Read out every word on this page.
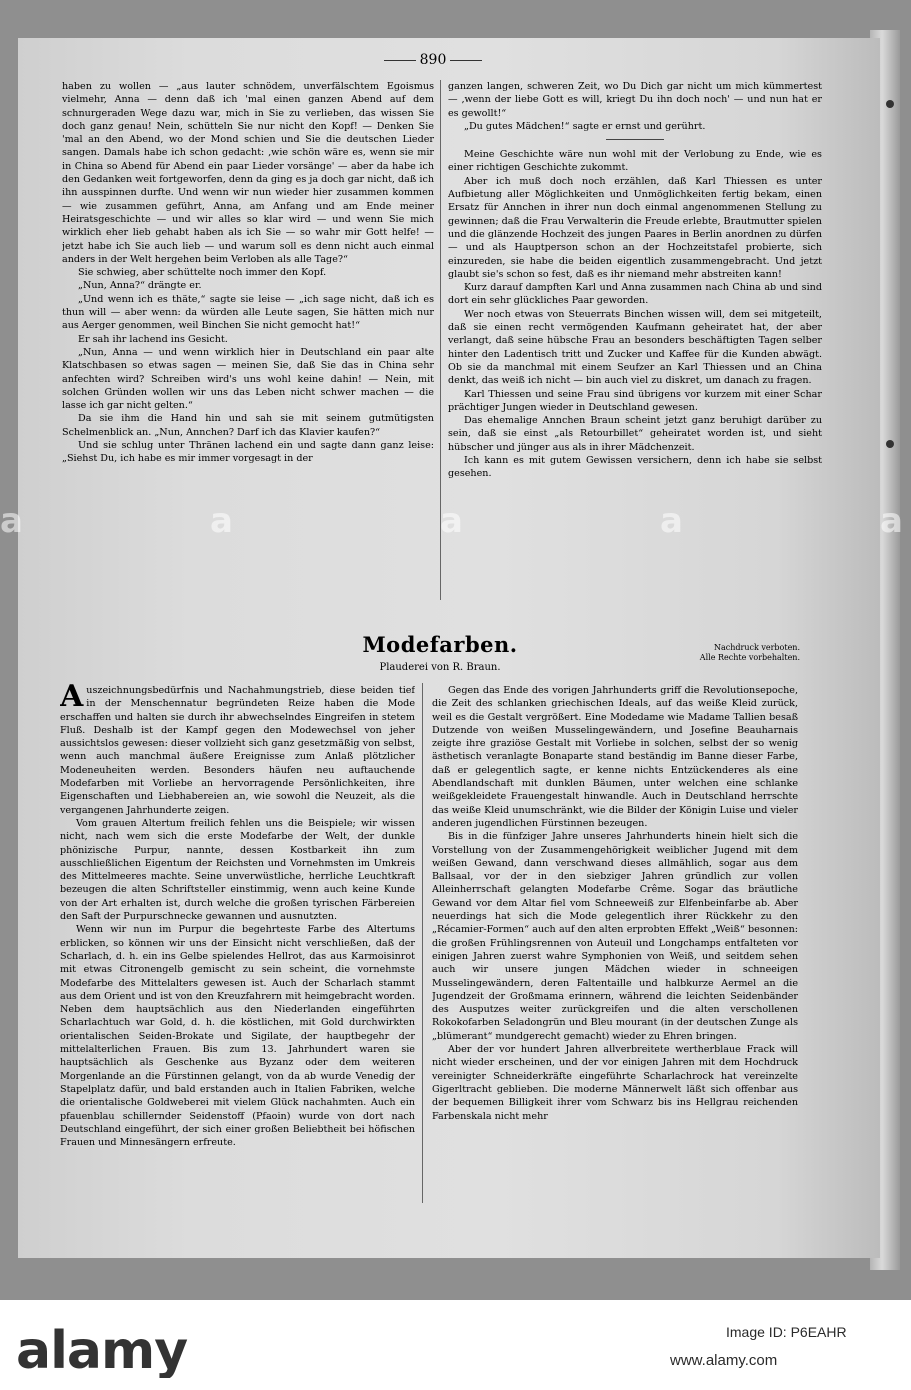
890

haben zu wollen — „aus lauter schnödem, unverfälschtem Egoismus vielmehr, Anna — denn daß ich 'mal einen ganzen Abend auf dem schnurgeraden Wege dazu war, mich in Sie zu verlieben, das wissen Sie doch ganz genau! Nein, schütteln Sie nur nicht den Kopf! — Denken Sie 'mal an den Abend, wo der Mond schien und Sie die deutschen Lieder sangen. Damals habe ich schon gedacht: ‚wie schön wäre es, wenn sie mir in China so Abend für Abend ein paar Lieder vorsänge' — aber da habe ich den Gedanken weit fortgeworfen, denn da ging es ja doch gar nicht, daß ich ihn ausspinnen durfte. Und wenn wir nun wieder hier zusammen kommen — wie zusammen geführt, Anna, am Anfang und am Ende meiner Heiratsgeschichte — und wir alles so klar wird — und wenn Sie mich wirklich eher lieb gehabt haben als ich Sie — so wahr mir Gott helfe! — jetzt habe ich Sie auch lieb — und warum soll es denn nicht auch einmal anders in der Welt hergehen beim Verloben als alle Tage?“

Sie schwieg, aber schüttelte noch immer den Kopf.

„Nun, Anna?“ drängte er.

„Und wenn ich es thäte,“ sagte sie leise — „ich sage nicht, daß ich es thun will — aber wenn: da würden alle Leute sagen, Sie hätten mich nur aus Aerger genommen, weil Binchen Sie nicht gemocht hat!“

Er sah ihr lachend ins Gesicht.

„Nun, Anna — und wenn wirklich hier in Deutschland ein paar alte Klatschbasen so etwas sagen — meinen Sie, daß Sie das in China sehr anfechten wird? Schreiben wird's uns wohl keine dahin! — Nein, mit solchen Gründen wollen wir uns das Leben nicht schwer machen — die lasse ich gar nicht gelten.“

Da sie ihm die Hand hin und sah sie mit seinem gutmütigsten Schelmenblick an. „Nun, Annchen? Darf ich das Klavier kaufen?“

Und sie schlug unter Thränen lachend ein und sagte dann ganz leise: „Siehst Du, ich habe es mir immer vorgesagt in der

ganzen langen, schweren Zeit, wo Du Dich gar nicht um mich kümmertest — ‚wenn der liebe Gott es will, kriegt Du ihn doch noch' — und nun hat er es gewollt!“

„Du gutes Mädchen!“ sagte er ernst und gerührt.

Meine Geschichte wäre nun wohl mit der Verlobung zu Ende, wie es einer richtigen Geschichte zukommt.

Aber ich muß doch noch erzählen, daß Karl Thiessen es unter Aufbietung aller Möglichkeiten und Unmöglichkeiten fertig bekam, einen Ersatz für Annchen in ihrer nun doch einmal angenommenen Stellung zu gewinnen; daß die Frau Verwalterin die Freude erlebte, Brautmutter spielen und die glänzende Hochzeit des jungen Paares in Berlin anordnen zu dürfen — und als Hauptperson schon an der Hochzeitstafel probierte, sich einzureden, sie habe die beiden eigentlich zusammengebracht. Und jetzt glaubt sie's schon so fest, daß es ihr niemand mehr abstreiten kann!

Kurz darauf dampften Karl und Anna zusammen nach China ab und sind dort ein sehr glückliches Paar geworden.

Wer noch etwas von Steuerrats Binchen wissen will, dem sei mitgeteilt, daß sie einen recht vermögenden Kaufmann geheiratet hat, der aber verlangt, daß seine hübsche Frau an besonders beschäftigten Tagen selber hinter den Ladentisch tritt und Zucker und Kaffee für die Kunden abwägt. Ob sie da manchmal mit einem Seufzer an Karl Thiessen und an China denkt, das weiß ich nicht — bin auch viel zu diskret, um danach zu fragen.

Karl Thiessen und seine Frau sind übrigens vor kurzem mit einer Schar prächtiger Jungen wieder in Deutschland gewesen.

Das ehemalige Annchen Braun scheint jetzt ganz beruhigt darüber zu sein, daß sie einst „als Retourbillet“ geheiratet worden ist, und sieht hübscher und jünger aus als in ihrer Mädchenzeit.

Ich kann es mit gutem Gewissen versichern, denn ich habe sie selbst gesehen.

Modefarben.
Plauderei von R. Braun.
Nachdruck verboten.
Alle Rechte vorbehalten.

Auszeichnungsbedürfnis und Nachahmungstrieb, diese beiden tief in der Menschennatur begründeten Reize haben die Mode erschaffen und halten sie durch ihr abwechselndes Eingreifen in stetem Fluß. Deshalb ist der Kampf gegen den Modewechsel von jeher aussichtslos gewesen: dieser vollzieht sich ganz gesetzmäßig von selbst, wenn auch manchmal äußere Ereignisse zum Anlaß plötzlicher Modeneuheiten werden. Besonders häufen neu auftauchende Modefarben mit Vorliebe an hervorragende Persönlichkeiten, ihre Eigenschaften und Liebhabereien an, wie sowohl die Neuzeit, als die vergangenen Jahrhunderte zeigen.

Vom grauen Altertum freilich fehlen uns die Beispiele; wir wissen nicht, nach wem sich die erste Modefarbe der Welt, der dunkle phönizische Purpur, nannte, dessen Kostbarkeit ihn zum ausschließlichen Eigentum der Reichsten und Vornehmsten im Umkreis des Mittelmeeres machte. Seine unverwüstliche, herrliche Leuchtkraft bezeugen die alten Schriftsteller einstimmig, wenn auch keine Kunde von der Art erhalten ist, durch welche die großen tyrischen Färbereien den Saft der Purpurschnecke gewannen und ausnutzten.

Wenn wir nun im Purpur die begehrteste Farbe des Altertums erblicken, so können wir uns der Einsicht nicht verschließen, daß der Scharlach, d. h. ein ins Gelbe spielendes Hellrot, das aus Karmoisinrot mit etwas Citronengelb gemischt zu sein scheint, die vornehmste Modefarbe des Mittelalters gewesen ist. Auch der Scharlach stammt aus dem Orient und ist von den Kreuzfahrern mit heimgebracht worden. Neben dem hauptsächlich aus den Niederlanden eingeführten Scharlachtuch war Gold, d. h. die köstlichen, mit Gold durchwirkten orientalischen Seiden-Brokate und Sigilate, der hauptbegehr der mittelalterlichen Frauen. Bis zum 13. Jahrhundert waren sie hauptsächlich als Geschenke aus Byzanz oder dem weiteren Morgenlande an die Fürstinnen gelangt, von da ab wurde Venedig der Stapelplatz dafür, und bald erstanden auch in Italien Fabriken, welche die orientalische Goldweberei mit vielem Glück nachahmten. Auch ein pfauenblau schillernder Seidenstoff (Pfaoin) wurde von dort nach Deutschland eingeführt, der sich einer großen Beliebtheit bei höfischen Frauen und Minnesängern erfreute.

Gegen das Ende des vorigen Jahrhunderts griff die Revolutionsepoche, die Zeit des schlanken griechischen Ideals, auf das weiße Kleid zurück, weil es die Gestalt vergrößert. Eine Modedame wie Madame Tallien besaß Dutzende von weißen Musselingewändern, und Josefine Beauharnais zeigte ihre graziöse Gestalt mit Vorliebe in solchen, selbst der so wenig ästhetisch veranlagte Bonaparte stand beständig im Banne dieser Farbe, daß er gelegentlich sagte, er kenne nichts Entzückenderes als eine Abendlandschaft mit dunklen Bäumen, unter welchen eine schlanke weißgekleidete Frauengestalt hinwandle. Auch in Deutschland herrschte das weiße Kleid unumschränkt, wie die Bilder der Königin Luise und vieler anderen jugendlichen Fürstinnen bezeugen.

Bis in die fünfziger Jahre unseres Jahrhunderts hinein hielt sich die Vorstellung von der Zusammengehörigkeit weiblicher Jugend mit dem weißen Gewand, dann verschwand dieses allmählich, sogar aus dem Ballsaal, vor der in den siebziger Jahren gründlich zur vollen Alleinherrschaft gelangten Modefarbe Crême. Sogar das bräutliche Gewand vor dem Altar fiel vom Schneeweiß zur Elfenbeinfarbe ab. Aber neuerdings hat sich die Mode gelegentlich ihrer Rückkehr zu den „Récamier-Formen“ auch auf den alten erprobten Effekt „Weiß“ besonnen: die großen Frühlingsrennen von Auteuil und Longchamps entfalteten vor einigen Jahren zuerst wahre Symphonien von Weiß, und seitdem sehen auch wir unsere jungen Mädchen wieder in schneeigen Musselingewändern, deren Faltentaille und halbkurze Aermel an die Jugendzeit der Großmama erinnern, während die leichten Seidenbänder des Ausputzes weiter zurückgreifen und die alten verschollenen Rokokofarben Seladongrün und Bleu mourant (in der deutschen Zunge als „blümerant“ mundgerecht gemacht) wieder zu Ehren bringen.

Aber der vor hundert Jahren allverbreitete wertherblaue Frack will nicht wieder erscheinen, und der vor einigen Jahren mit dem Hochdruck vereinigter Schneiderkräfte eingeführte Scharlachrock hat vereinzelte Gigerltracht geblieben. Die moderne Männerwelt läßt sich offenbar aus der bequemen Billigkeit ihrer vom Schwarz bis ins Hellgrau reichenden Farbenskala nicht mehr

a	a	a	a	a
alamy	Image ID: P6EAHR
www.alamy.com
